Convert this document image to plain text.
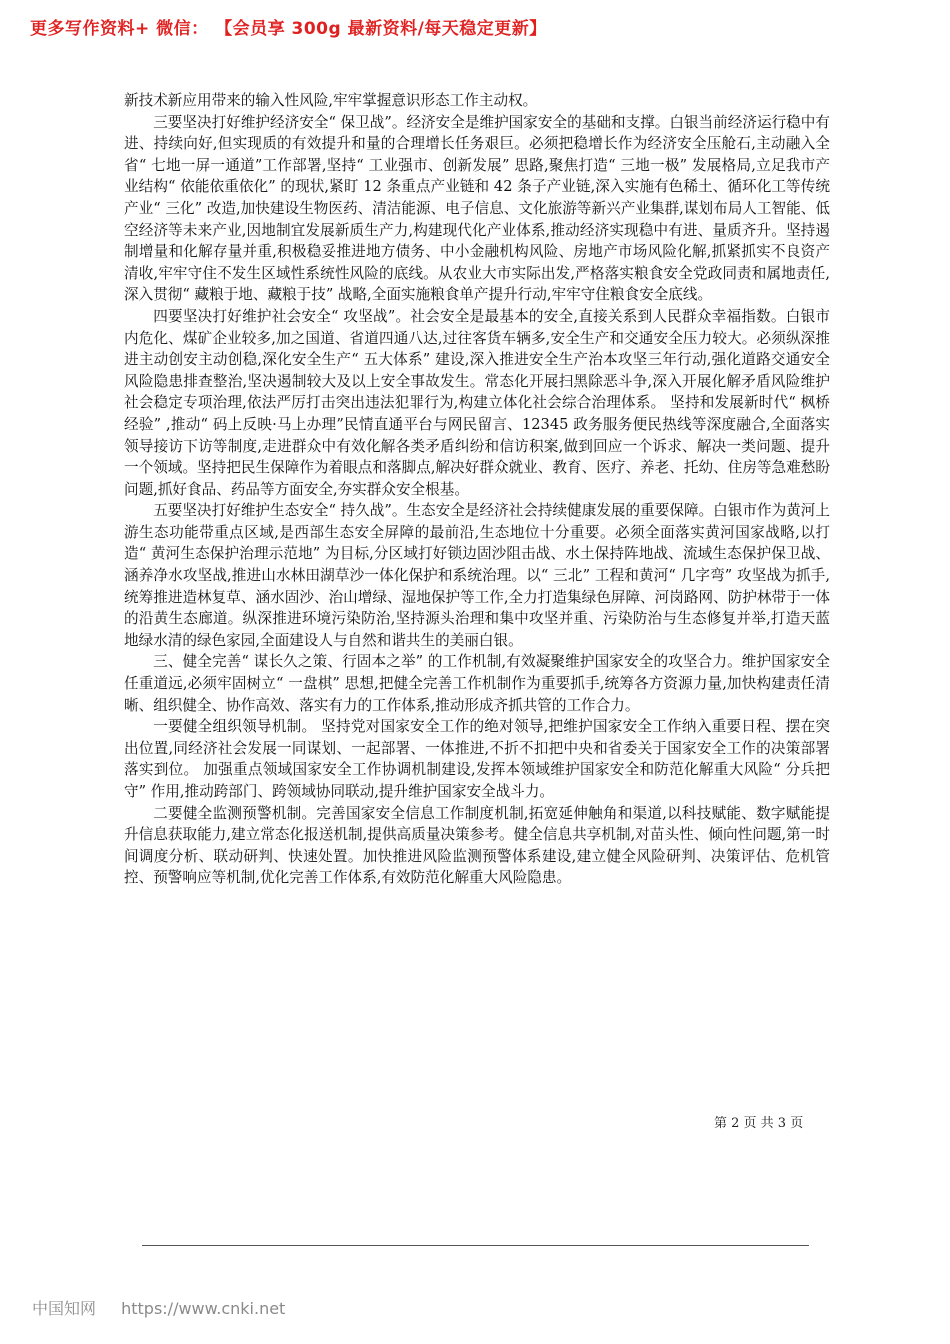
更多写作资料+ 微信： 【会员享 300g 最新资料/每天稳定更新】

新技术新应用带来的输入性风险,牢牢掌握意识形态工作主动权。

三要坚决打好维护经济安全“ 保卫战”。经济安全是维护国家安全的基础和支撑。白银当前经济运行稳中有进、持续向好,但实现质的有效提升和量的合理增长任务艰巨。必须把稳增长作为经济安全压舱石,主动融入全省“ 七地一屏一通道”工作部署,坚持“ 工业强市、创新发展” 思路,聚焦打造“ 三地一极” 发展格局,立足我市产业结构“ 依能依重依化” 的现状,紧盯 12 条重点产业链和 42 条子产业链,深入实施有色稀土、循环化工等传统产业“ 三化” 改造,加快建设生物医药、清洁能源、电子信息、文化旅游等新兴产业集群,谋划布局人工智能、低空经济等未来产业,因地制宜发展新质生产力,构建现代化产业体系,推动经济实现稳中有进、量质齐升。坚持遏制增量和化解存量并重,积极稳妥推进地方债务、中小金融机构风险、房地产市场风险化解,抓紧抓实不良资产清收,牢牢守住不发生区域性系统性风险的底线。从农业大市实际出发,严格落实粮食安全党政同责和属地责任,深入贯彻“ 藏粮于地、藏粮于技” 战略,全面实施粮食单产提升行动,牢牢守住粮食安全底线。

四要坚决打好维护社会安全“ 攻坚战”。社会安全是最基本的安全,直接关系到人民群众幸福指数。白银市内危化、煤矿企业较多,加之国道、省道四通八达,过往客货车辆多,安全生产和交通安全压力较大。必须纵深推进主动创安主动创稳,深化安全生产“ 五大体系” 建设,深入推进安全生产治本攻坚三年行动,强化道路交通安全风险隐患排查整治,坚决遏制较大及以上安全事故发生。常态化开展扫黑除恶斗争,深入开展化解矛盾风险维护社会稳定专项治理,依法严厉打击突出违法犯罪行为,构建立体化社会综合治理体系。 坚持和发展新时代“ 枫桥经验” ,推动“ 码上反映·马上办理”民情直通平台与网民留言、12345 政务服务便民热线等深度融合,全面落实领导接访下访等制度,走进群众中有效化解各类矛盾纠纷和信访积案,做到回应一个诉求、解决一类问题、提升一个领域。坚持把民生保障作为着眼点和落脚点,解决好群众就业、教育、医疗、养老、托幼、住房等急难愁盼问题,抓好食品、药品等方面安全,夯实群众安全根基。

五要坚决打好维护生态安全“ 持久战”。生态安全是经济社会持续健康发展的重要保障。白银市作为黄河上游生态功能带重点区域,是西部生态安全屏障的最前沿,生态地位十分重要。必须全面落实黄河国家战略,以打造“ 黄河生态保护治理示范地” 为目标,分区域打好锁边固沙阻击战、水土保持阵地战、流域生态保护保卫战、涵养净水攻坚战,推进山水林田湖草沙一体化保护和系统治理。以“ 三北” 工程和黄河“ 几字弯” 攻坚战为抓手,统筹推进造林复草、涵水固沙、治山增绿、湿地保护等工作,全力打造集绿色屏障、河岗路网、防护林带于一体的沿黄生态廊道。纵深推进环境污染防治,坚持源头治理和集中攻坚并重、污染防治与生态修复并举,打造天蓝地绿水清的绿色家园,全面建设人与自然和谐共生的美丽白银。

三、健全完善“ 谋长久之策、行固本之举” 的工作机制,有效凝聚维护国家安全的攻坚合力。维护国家安全任重道远,必须牢固树立“ 一盘棋” 思想,把健全完善工作机制作为重要抓手,统筹各方资源力量,加快构建责任清晰、组织健全、协作高效、落实有力的工作体系,推动形成齐抓共管的工作合力。

一要健全组织领导机制。 坚持党对国家安全工作的绝对领导,把维护国家安全工作纳入重要日程、摆在突出位置,同经济社会发展一同谋划、一起部署、一体推进,不折不扣把中央和省委关于国家安全工作的决策部署落实到位。 加强重点领域国家安全工作协调机制建设,发挥本领域维护国家安全和防范化解重大风险“ 分兵把守” 作用,推动跨部门、跨领域协同联动,提升维护国家安全战斗力。

二要健全监测预警机制。完善国家安全信息工作制度机制,拓宽延伸触角和渠道,以科技赋能、数字赋能提升信息获取能力,建立常态化报送机制,提供高质量决策参考。健全信息共享机制,对苗头性、倾向性问题,第一时间调度分析、联动研判、快速处置。加快推进风险监测预警体系建设,建立健全风险研判、决策评估、危机管控、预警响应等机制,优化完善工作体系,有效防范化解重大风险隐患。

第 2 页 共 3 页
中国知网 https://www.cnki.net
